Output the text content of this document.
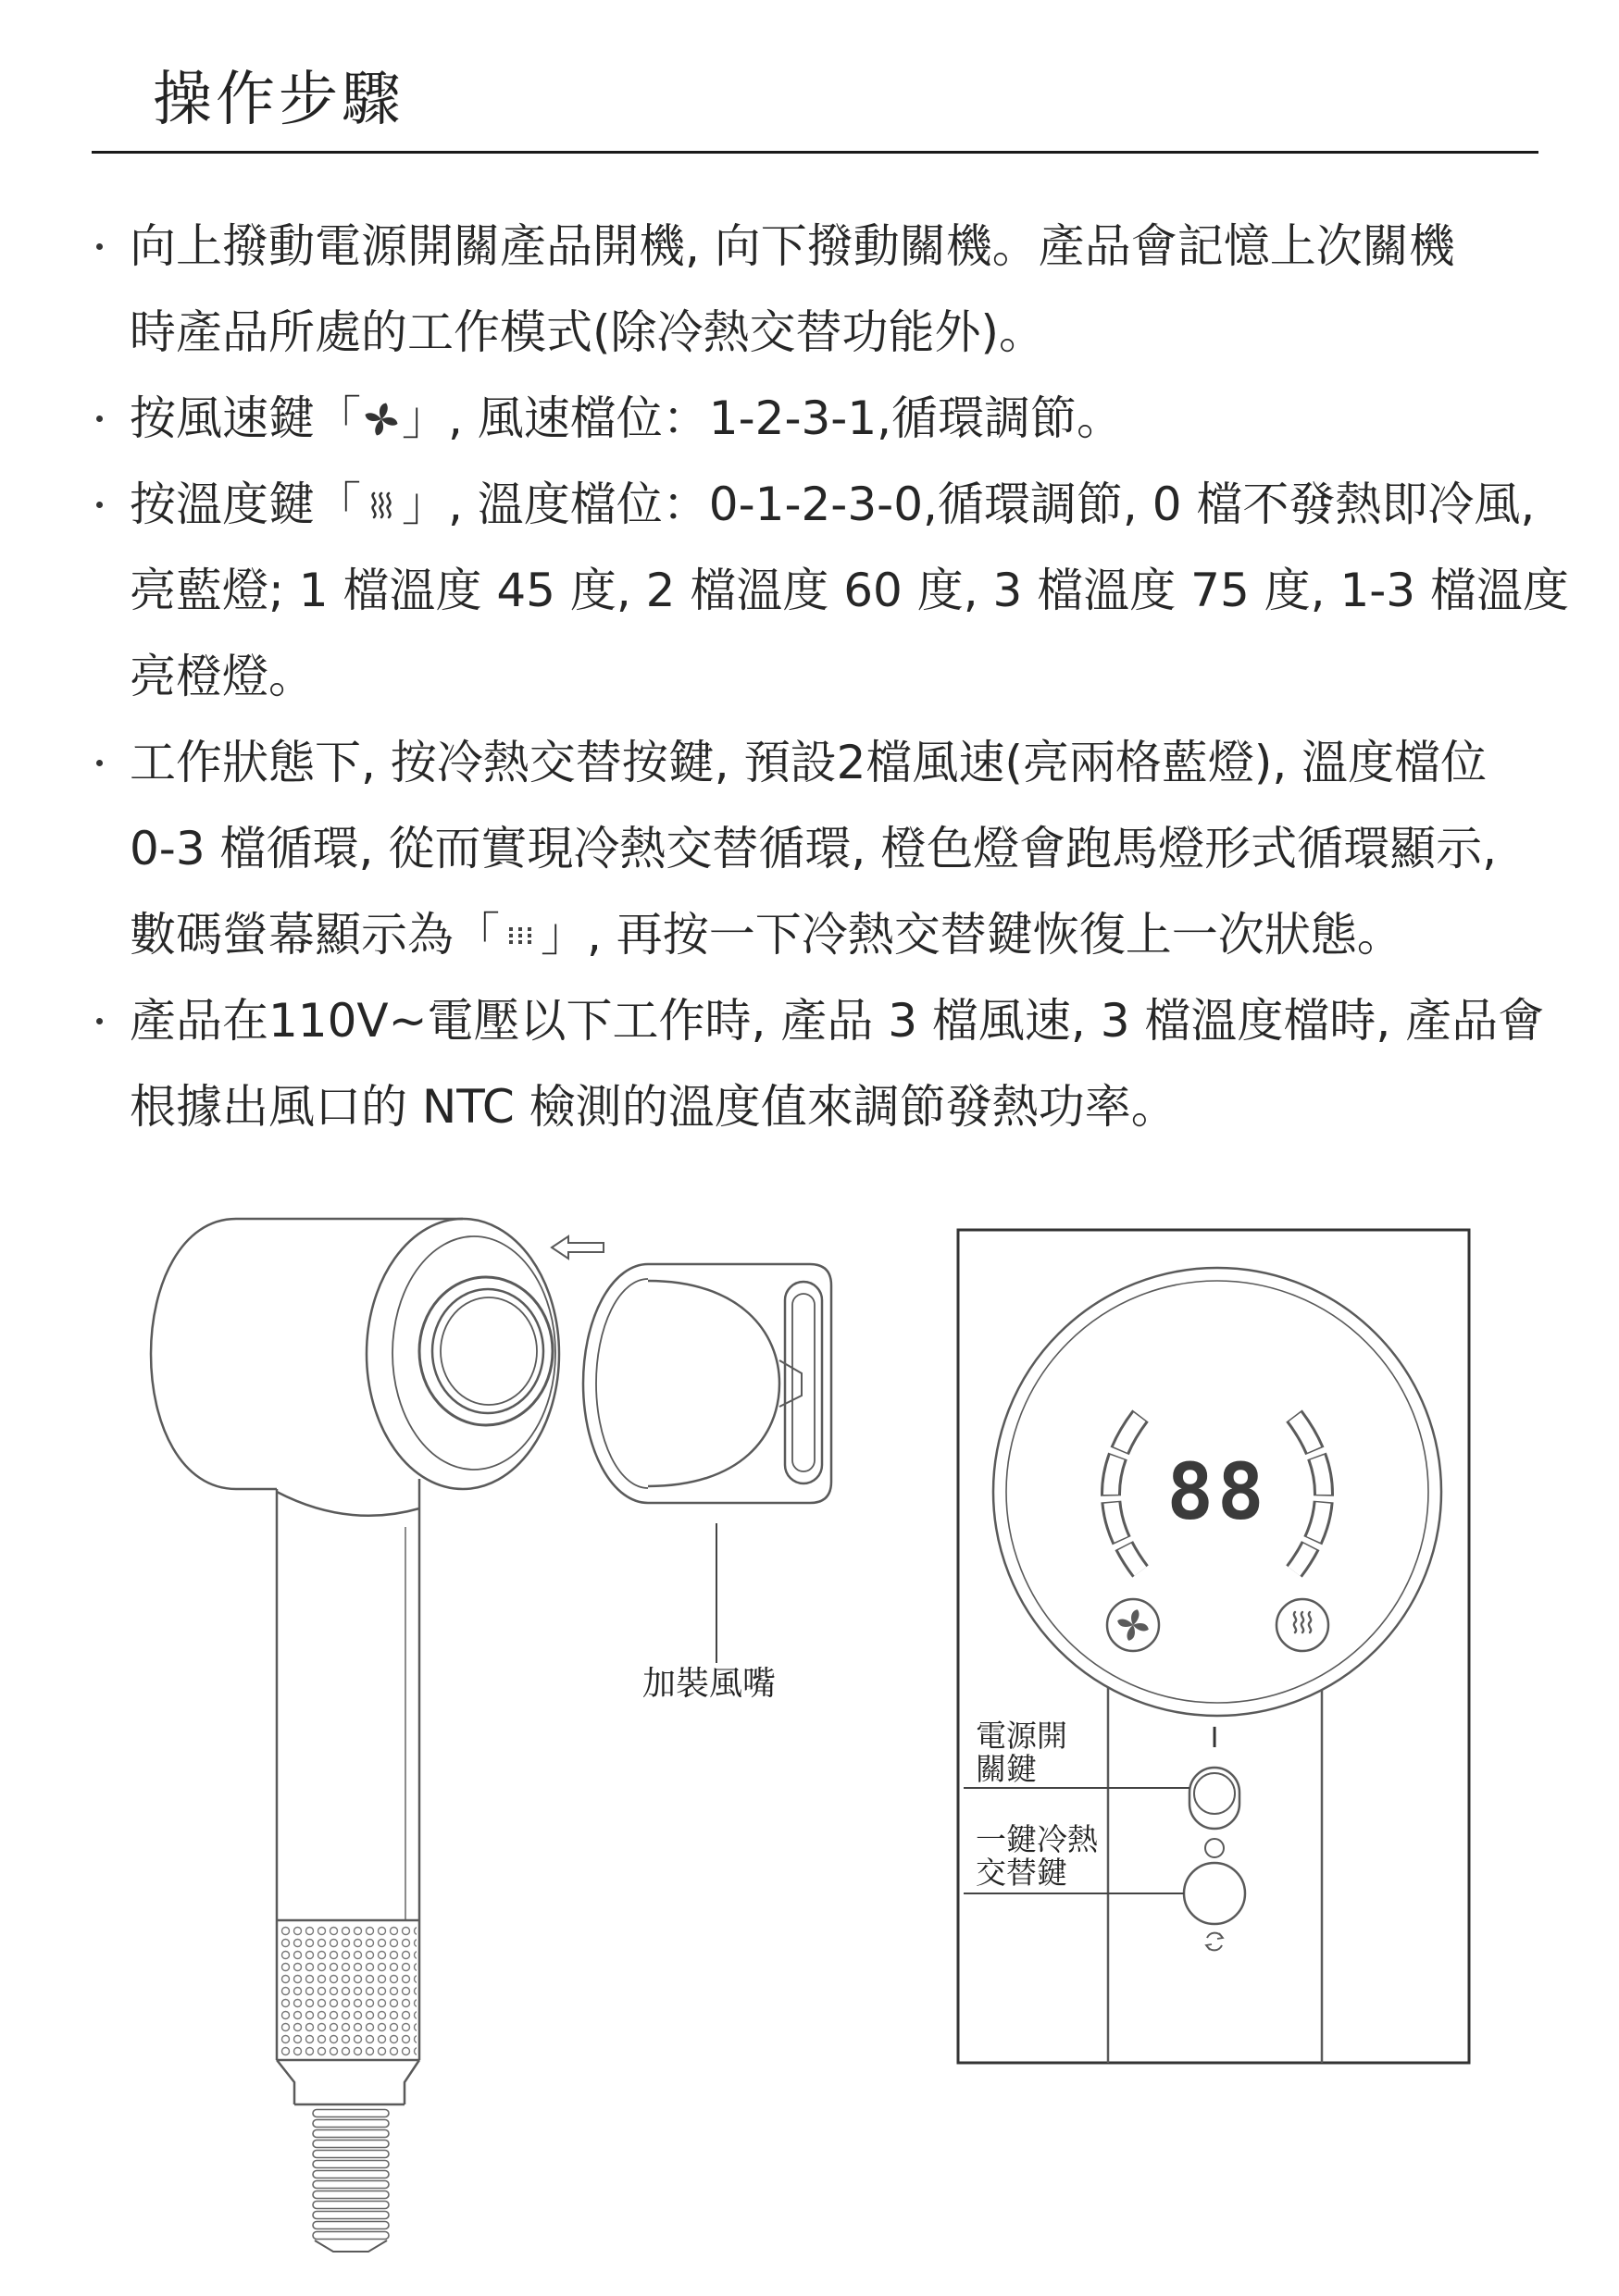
操作步驟
向上撥動電源開關產品開機, 向下撥動關機。產品會記憶上次關機
時產品所處的工作模式(除冷熱交替功能外)。
按風速鍵「 」, 風速檔位：1-2-3-1,循環調節。
按溫度鍵「 」, 溫度檔位：0-1-2-3-0,循環調節, 0 檔不發熱即冷風,
亮藍燈; 1 檔溫度 45 度, 2 檔溫度 60 度, 3 檔溫度 75 度, 1-3 檔溫度
亮橙燈。
工作狀態下, 按冷熱交替按鍵, 預設2檔風速(亮兩格藍燈), 溫度檔位
0-3 檔循環, 從而實現冷熱交替循環, 橙色燈會跑馬燈形式循環顯示,
數碼螢幕顯示為「 」, 再按一下冷熱交替鍵恢復上一次狀態。
產品在110V~電壓以下工作時, 產品 3 檔風速, 3 檔溫度檔時, 產品會
根據出風口的 NTC 檢測的溫度值來調節發熱功率。
加裝風嘴
88
I
電源開
關鍵
一鍵冷熱
交替鍵
